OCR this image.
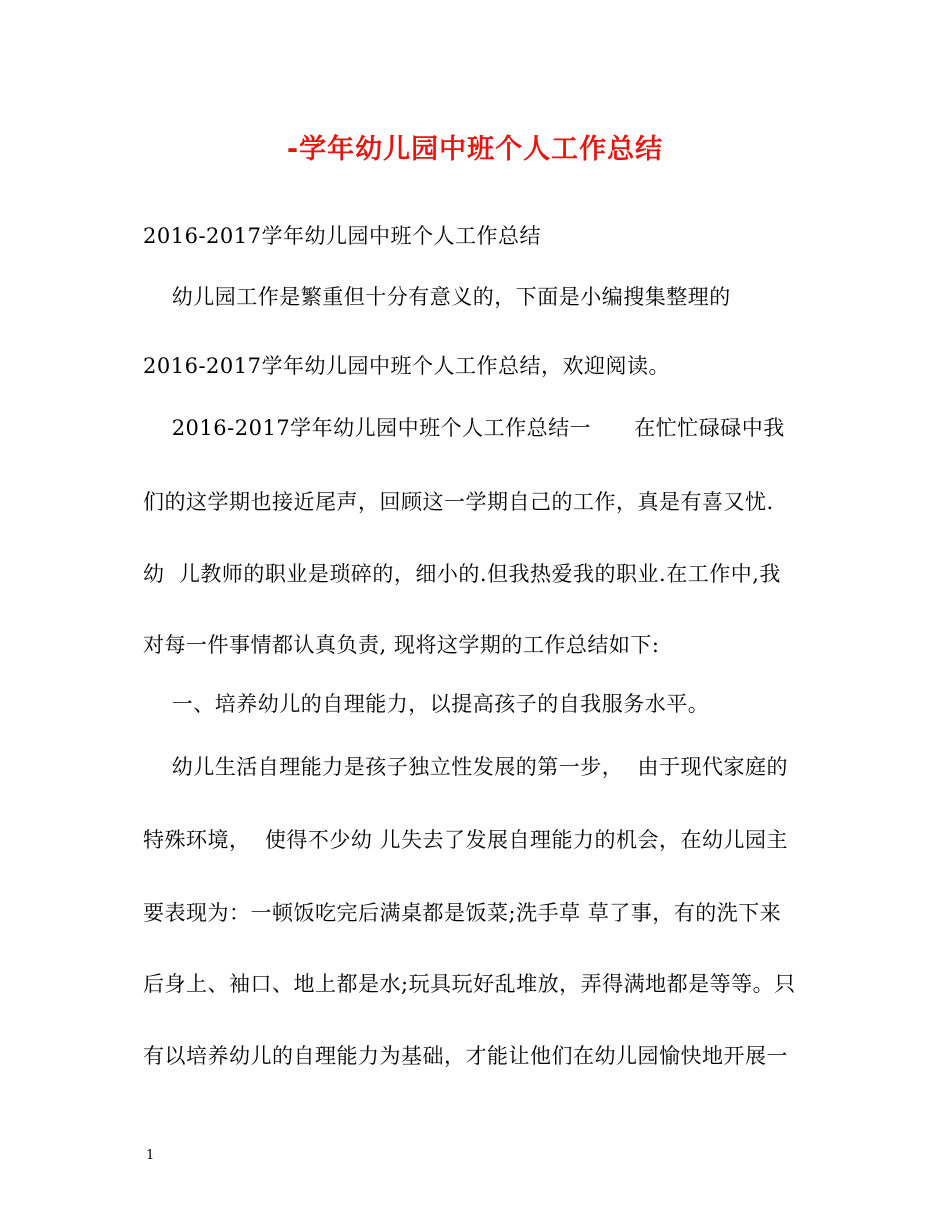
-学年幼儿园中班个人工作总结
2016-2017学年幼儿园中班个人工作总结
幼儿园工作是繁重但十分有意义的，下面是小编搜集整理的
2016-2017学年幼儿园中班个人工作总结，欢迎阅读。
2016-2017学年幼儿园中班个人工作总结一      在忙忙碌碌中我
们的这学期也接近尾声，回顾这一学期自己的工作，真是有喜又忧.
幼  儿教师的职业是琐碎的，细小的.但我热爱我的职业.在工作中,我
对每一件事情都认真负责, 现将这学期的工作总结如下:
一、培养幼儿的自理能力，以提高孩子的自我服务水平。
幼儿生活自理能力是孩子独立性发展的第一步，  由于现代家庭的
特殊环境，  使得不少幼 儿失去了发展自理能力的机会，在幼儿园主
要表现为：一顿饭吃完后满桌都是饭菜;洗手草 草了事，有的洗下来
后身上、袖口、地上都是水;玩具玩好乱堆放，弄得满地都是等等。只
有以培养幼儿的自理能力为基础，才能让他们在幼儿园愉快地开展一
1
